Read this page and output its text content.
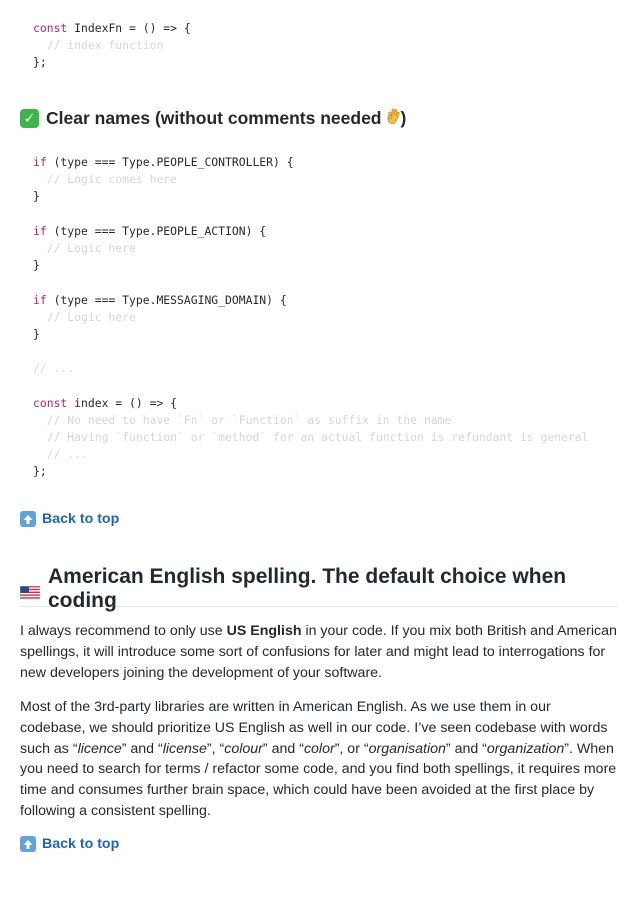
const IndexFn = () => {
// index function
};
✓ Clear names (without comments needed )
if (type === Type.PEOPLE_CONTROLLER) {
// Logic comes here
}
if (type === Type.PEOPLE_ACTION) {
// Logic here
}
if (type === Type.MESSAGING_DOMAIN) {
// Logic here
}
// ...
const index = () => {
// No need to have `Fn` or `Function` as suffix in the name
// Having `function` or `method` for an actual function is refundant is general
// ...
};
Back to top
American English spelling. The default choice when coding
I always recommend to only use US English in your code. If you mix both British and American spellings, it will introduce some sort of confusions for later and might lead to interrogations for new developers joining the development of your software.
Most of the 3rd-party libraries are written in American English. As we use them in our codebase, we should prioritize US English as well in our code. I’ve seen codebase with words such as “licence” and “license”, “colour” and “color”, or “organisation” and “organization”. When you need to search for terms / refactor some code, and you find both spellings, it requires more time and consumes further brain space, which could have been avoided at the first place by following a consistent spelling.
Back to top
